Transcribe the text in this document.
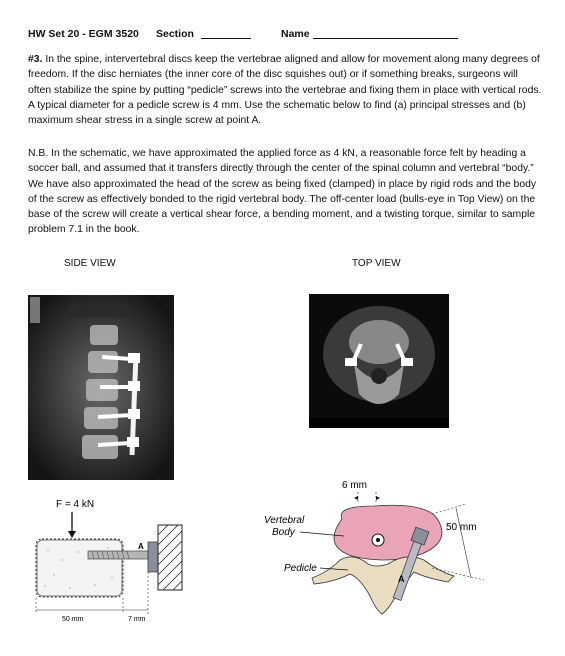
HW Set 20 - EGM 3520 Section	Name

#3. In the spine, intervertebral discs keep the vertebrae aligned and allow for movement along many degrees of freedom. If the disc herniates (the inner core of the disc squishes out) or if something breaks, surgeons will often stabilize the spine by putting “pedicle” screws into the vertebrae and fixing them in place with vertical rods. A typical diameter for a pedicle screw is 4 mm. Use the schematic below to find (a) principal stresses and (b) maximum shear stress in a single screw at point A.

N.B. In the schematic, we have approximated the applied force as 4 kN, a reasonable force felt by heading a soccer ball, and assumed that it transfers directly through the center of the spinal column and vertebral “body.” We have also approximated the head of the screw as being fixed (clamped) in place by rigid rods and the body of the screw as effectively bonded to the rigid vertebral body. The off-center load (bulls-eye in Top View) on the base of the screw will create a vertical shear force, a bending moment, and a twisting torque, similar to sample problem 7.1 in the book.

SIDE VIEW	TOP VIEW
F = 4 kN
A
50 mm	7 mm
6 mm
A
50 mm
Vertebral
Body
Pedicle
